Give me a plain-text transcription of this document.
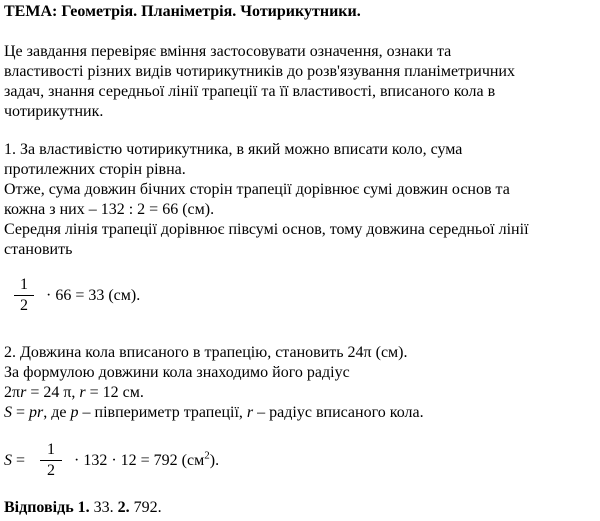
ТЕМА: Геометрія. Планіметрія. Чотирикутники.
Це завдання перевіряє вміння застосовувати означення, ознаки та
властивості різних видів чотирикутників до розв'язування планіметричних
задач, знання середньої лінії трапеції та її властивості, вписаного кола в
чотирикутник.
1. За властивістю чотирикутника, в який можно вписати коло, сума
протилежних сторін рівна.
Отже, сума довжин бічних сторін трапеції дорівнює сумі довжин основ та
кожна з них – 132 : 2 = 66 (см).
Середня лінія трапеції дорівнює півсумі основ, тому довжина середньої лінії
становить
1
2
· 66 = 33 (см).
2. Довжина кола вписаного в трапецію, становить 24π (см).
За формулою довжини кола знаходимо його радіус
2πr = 24 π, r = 12 см.
S = pr, де p – півпериметр трапеції, r – радіус вписаного кола.
S =
1
2
· 132 · 12 = 792 $(см^2)$.
Відповідь 1. 33. 2. 792.
